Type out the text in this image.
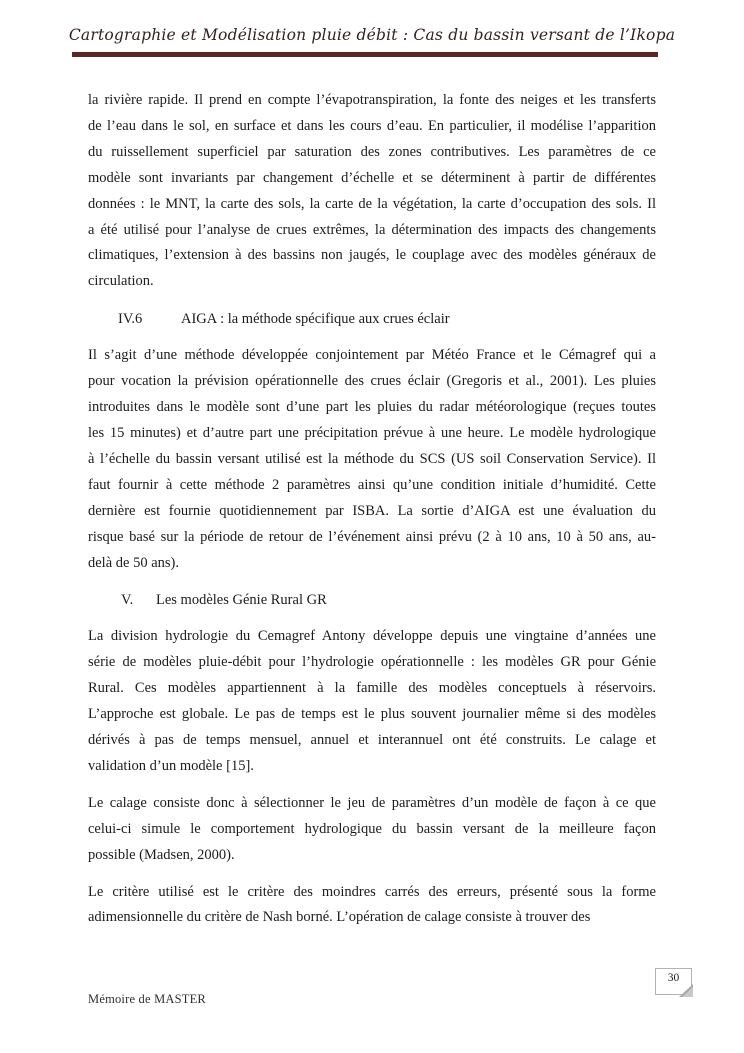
Cartographie et Modélisation pluie débit : Cas du bassin versant de l’Ikopa
la rivière rapide. Il prend en compte l’évapotranspiration, la fonte des neiges et les transferts
de l’eau dans le sol, en surface et dans les cours d’eau. En particulier, il modélise l’apparition
du ruissellement superficiel par saturation des zones contributives. Les paramètres de ce
modèle sont invariants par changement d’échelle et se déterminent à partir de différentes
données : le MNT, la carte des sols, la carte de la végétation, la carte d’occupation des sols. Il
a été utilisé pour l’analyse de crues extrêmes, la détermination des impacts des changements
climatiques, l’extension à des bassins non jaugés, le couplage avec des modèles généraux de
circulation.
IV.6	AIGA : la méthode spécifique aux crues éclair
Il s’agit d’une méthode développée conjointement par Météo France et le Cémagref qui a
pour vocation la prévision opérationnelle des crues éclair (Gregoris et al., 2001). Les pluies
introduites dans le modèle sont d’une part les pluies du radar météorologique (reçues toutes
les 15 minutes) et d’autre part une précipitation prévue à une heure. Le modèle hydrologique
à l’échelle du bassin versant utilisé est la méthode du SCS (US soil Conservation Service). Il
faut fournir à cette méthode 2 paramètres ainsi qu’une condition initiale d’humidité. Cette
dernière est fournie quotidiennement par ISBA. La sortie d’AIGA est une évaluation du
risque basé sur la période de retour de l’événement ainsi prévu (2 à 10 ans, 10 à 50 ans, au-
delà de 50 ans).
V. Les modèles Génie Rural GR
La division hydrologie du Cemagref Antony développe depuis une vingtaine d’années une
série de modèles pluie-débit pour l’hydrologie opérationnelle : les modèles GR pour Génie
Rural. Ces modèles appartiennent à la famille des modèles conceptuels à réservoirs.
L’approche est globale. Le pas de temps est le plus souvent journalier même si des modèles
dérivés à pas de temps mensuel, annuel et interannuel ont été construits. Le calage et
validation d’un modèle [15].
Le calage consiste donc à sélectionner le jeu de paramètres d’un modèle de façon à ce que
celui-ci simule le comportement hydrologique du bassin versant de la meilleure façon
possible (Madsen, 2000).
Le critère utilisé est le critère des moindres carrés des erreurs, présenté sous la forme
adimensionnelle du critère de Nash borné. L’opération de calage consiste à trouver des
Mémoire de MASTER
30
